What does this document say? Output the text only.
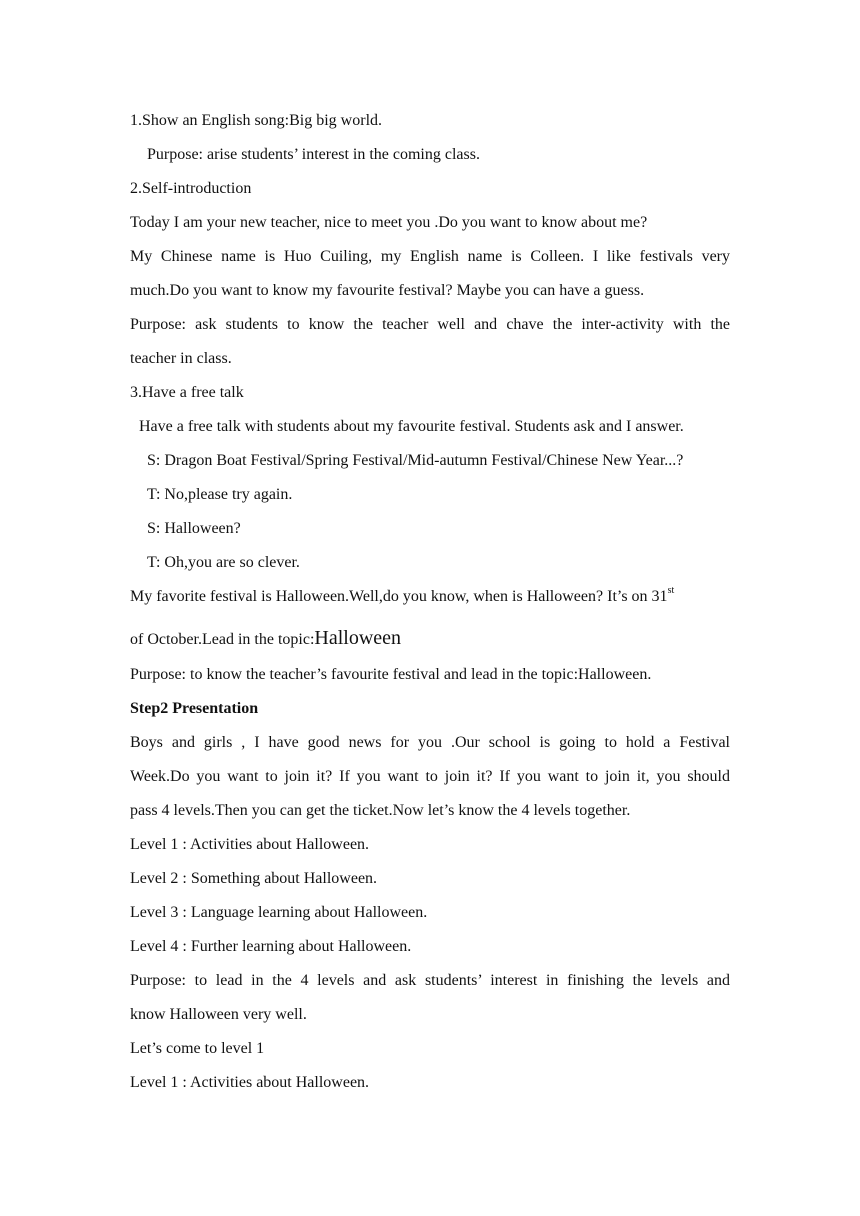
1.Show an English song:Big big world.
Purpose: arise students’ interest in the coming class.
2.Self-introduction
Today I am your new teacher, nice to meet you .Do you want to know about me?
My Chinese name is Huo Cuiling, my English name is Colleen. I like festivals very
much.Do you want to know my favourite festival? Maybe you can have a guess.
Purpose: ask students to know the teacher well and chave the inter-activity with the
teacher in class.
3.Have a free talk
Have a free talk with students about my favourite festival. Students ask and I answer.
S: Dragon Boat Festival/Spring Festival/Mid-autumn Festival/Chinese New Year...?
T: No,please try again.
S: Halloween?
T: Oh,you are so clever.
My favorite festival is Halloween.Well,do you know, when is Halloween? It’s on 31st
of October.Lead in the topic:Halloween
Purpose: to know the teacher’s favourite festival and lead in the topic:Halloween.
Step2 Presentation
Boys and girls , I have good news for you .Our school is going to hold a Festival
Week.Do you want to join it? If you want to join it? If you want to join it, you should
pass 4 levels.Then you can get the ticket.Now let’s know the 4 levels together.
Level 1 : Activities about Halloween.
Level 2 : Something about Halloween.
Level 3 : Language learning about Halloween.
Level 4 : Further learning about Halloween.
Purpose: to lead in the 4 levels and ask students’ interest in finishing the levels and
know Halloween very well.
Let’s come to level 1
Level 1 : Activities about Halloween.
